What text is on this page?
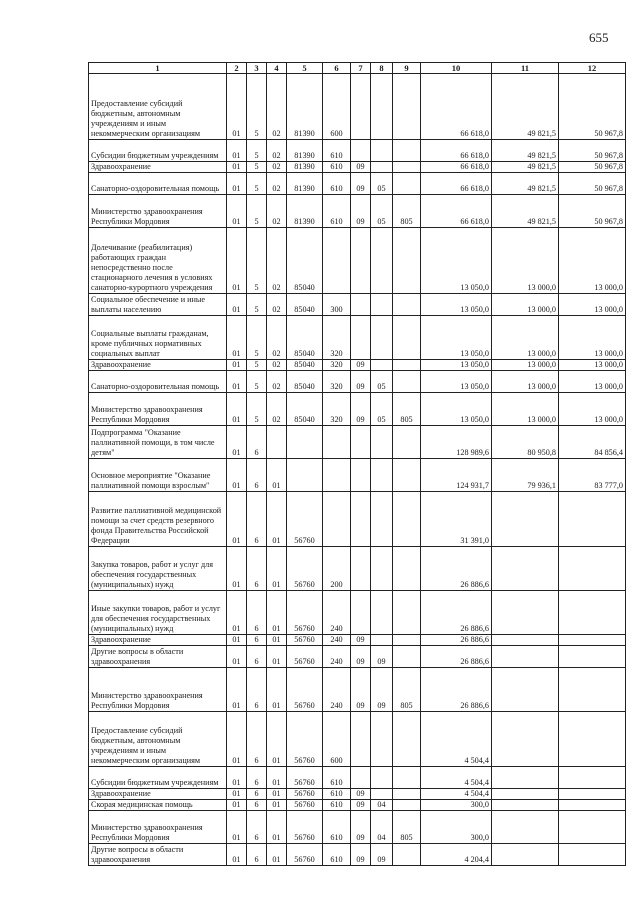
655
1	2	3	4	5	6	7	8	9	10	11	12
Предоставление субсидий бюджетным, автономным учреждениям и иным некоммерческим организациям	01	5	02	81390	600				66 618,0	49 821,5	50 967,8
Субсидии бюджетным учреждениям	01	5	02	81390	610				66 618,0	49 821,5	50 967,8
Здравоохранение	01	5	02	81390	610	09			66 618,0	49 821,5	50 967,8
Санаторно-оздоровительная помощь	01	5	02	81390	610	09	05		66 618,0	49 821,5	50 967,8
Министерство здравоохранения Республики Мордовия	01	5	02	81390	610	09	05	805	66 618,0	49 821,5	50 967,8
Долечивание (реабилитация) работающих граждан непосредственно после стационарного лечения в условиях санаторно-курортного учреждения	01	5	02	85040					13 050,0	13 000,0	13 000,0
Социальное обеспечение и иные выплаты населению	01	5	02	85040	300				13 050,0	13 000,0	13 000,0
Социальные выплаты гражданам, кроме публичных нормативных социальных выплат	01	5	02	85040	320				13 050,0	13 000,0	13 000,0
Здравоохранение	01	5	02	85040	320	09			13 050,0	13 000,0	13 000,0
Санаторно-оздоровительная помощь	01	5	02	85040	320	09	05		13 050,0	13 000,0	13 000,0
Министерство здравоохранения Республики Мордовия	01	5	02	85040	320	09	05	805	13 050,0	13 000,0	13 000,0
Подпрограмма "Оказание паллиативной помощи, в том числе детям"	01	6							128 989,6	80 950,8	84 856,4
Основное мероприятие "Оказание паллиативной помощи взрослым"	01	6	01						124 931,7	79 936,1	83 777,0
Развитие паллиативной медицинской помощи за счет средств резервного фонда Правительства Российской Федерации	01	6	01	56760					31 391,0		
Закупка товаров, работ и услуг для обеспечения государственных (муниципальных) нужд	01	6	01	56760	200				26 886,6		
Иные закупки товаров, работ и услуг для обеспечения государственных (муниципальных) нужд	01	6	01	56760	240				26 886,6		
Здравоохранение	01	6	01	56760	240	09			26 886,6		
Другие вопросы в области здравоохранения	01	6	01	56760	240	09	09		26 886,6		
Министерство здравоохранения Республики Мордовия	01	6	01	56760	240	09	09	805	26 886,6		
Предоставление субсидий бюджетным, автономным учреждениям и иным некоммерческим организациям	01	6	01	56760	600				4 504,4		
Субсидии бюджетным учреждениям	01	6	01	56760	610				4 504,4		
Здравоохранение	01	6	01	56760	610	09			4 504,4		
Скорая медицинская помощь	01	6	01	56760	610	09	04		300,0		
Министерство здравоохранения Республики Мордовия	01	6	01	56760	610	09	04	805	300,0		
Другие вопросы в области здравоохранения	01	6	01	56760	610	09	09		4 204,4		
